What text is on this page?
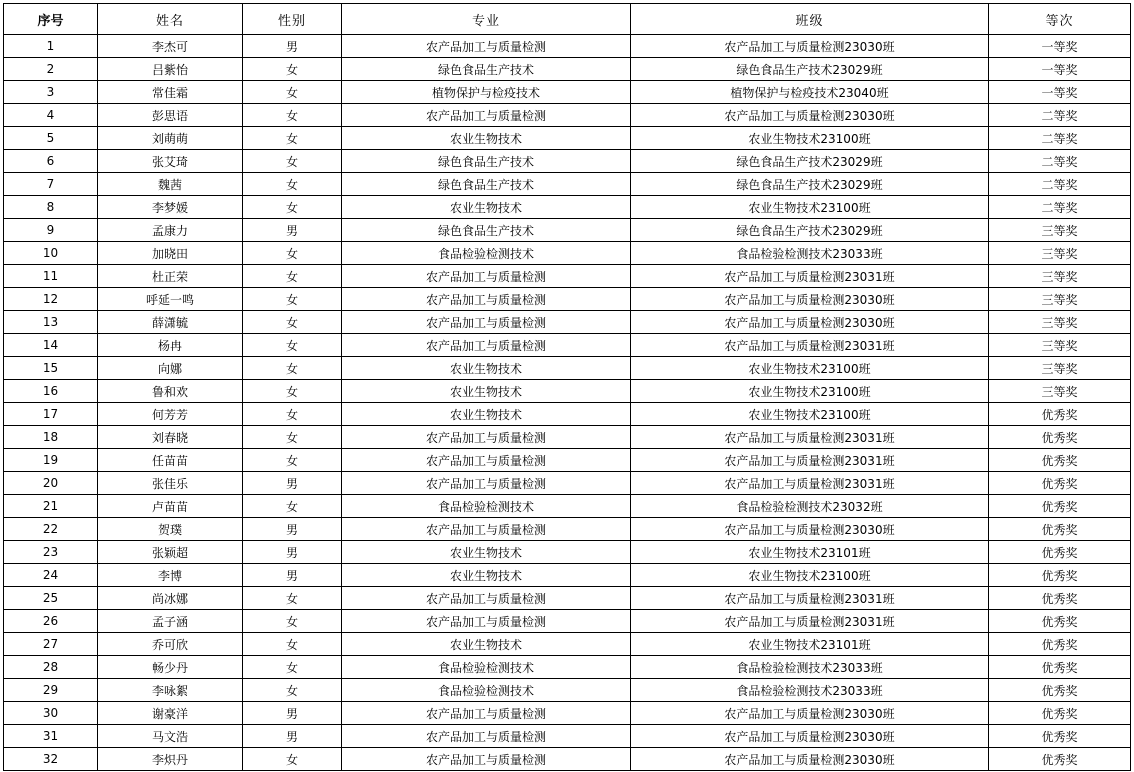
序号	姓名	性别	专业	班级	等次
1	李杰可	男	农产品加工与质量检测	农产品加工与质量检测23030班	一等奖
2	吕紫怡	女	绿色食品生产技术	绿色食品生产技术23029班	一等奖
3	常佳霜	女	植物保护与检疫技术	植物保护与检疫技术23040班	一等奖
4	彭思语	女	农产品加工与质量检测	农产品加工与质量检测23030班	二等奖
5	刘萌萌	女	农业生物技术	农业生物技术23100班	二等奖
6	张艾琦	女	绿色食品生产技术	绿色食品生产技术23029班	二等奖
7	魏茜	女	绿色食品生产技术	绿色食品生产技术23029班	二等奖
8	李梦媛	女	农业生物技术	农业生物技术23100班	二等奖
9	孟康力	男	绿色食品生产技术	绿色食品生产技术23029班	三等奖
10	加晓田	女	食品检验检测技术	食品检验检测技术23033班	三等奖
11	杜正荣	女	农产品加工与质量检测	农产品加工与质量检测23031班	三等奖
12	呼延一鸣	女	农产品加工与质量检测	农产品加工与质量检测23030班	三等奖
13	薛潇毓	女	农产品加工与质量检测	农产品加工与质量检测23030班	三等奖
14	杨冉	女	农产品加工与质量检测	农产品加工与质量检测23031班	三等奖
15	向娜	女	农业生物技术	农业生物技术23100班	三等奖
16	鲁和欢	女	农业生物技术	农业生物技术23100班	三等奖
17	何芳芳	女	农业生物技术	农业生物技术23100班	优秀奖
18	刘春晓	女	农产品加工与质量检测	农产品加工与质量检测23031班	优秀奖
19	任苗苗	女	农产品加工与质量检测	农产品加工与质量检测23031班	优秀奖
20	张佳乐	男	农产品加工与质量检测	农产品加工与质量检测23031班	优秀奖
21	卢苗苗	女	食品检验检测技术	食品检验检测技术23032班	优秀奖
22	贺璞	男	农产品加工与质量检测	农产品加工与质量检测23030班	优秀奖
23	张颖超	男	农业生物技术	农业生物技术23101班	优秀奖
24	李博	男	农业生物技术	农业生物技术23100班	优秀奖
25	尚冰娜	女	农产品加工与质量检测	农产品加工与质量检测23031班	优秀奖
26	孟子涵	女	农产品加工与质量检测	农产品加工与质量检测23031班	优秀奖
27	乔可欣	女	农业生物技术	农业生物技术23101班	优秀奖
28	畅少丹	女	食品检验检测技术	食品检验检测技术23033班	优秀奖
29	李咏絮	女	食品检验检测技术	食品检验检测技术23033班	优秀奖
30	谢豪洋	男	农产品加工与质量检测	农产品加工与质量检测23030班	优秀奖
31	马文浩	男	农产品加工与质量检测	农产品加工与质量检测23030班	优秀奖
32	李炽丹	女	农产品加工与质量检测	农产品加工与质量检测23030班	优秀奖
